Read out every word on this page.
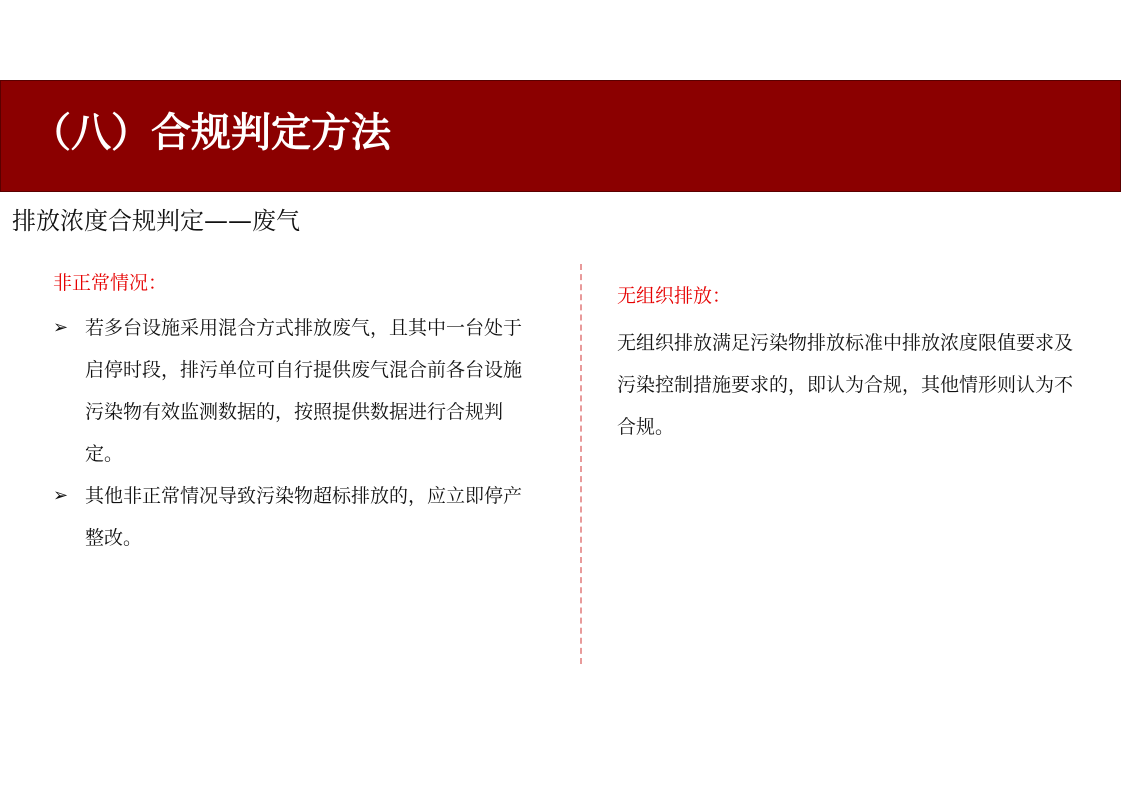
（八）合规判定方法
排放浓度合规判定——废气
非正常情况：
➢ 若多台设施采用混合方式排放废气，且其中一台处于启停时段，排污单位可自行提供废气混合前各台设施污染物有效监测数据的，按照提供数据进行合规判定。
➢ 其他非正常情况导致污染物超标排放的，应立即停产整改。
无组织排放：
无组织排放满足污染物排放标准中排放浓度限值要求及污染控制措施要求的，即认为合规，其他情形则认为不合规。
